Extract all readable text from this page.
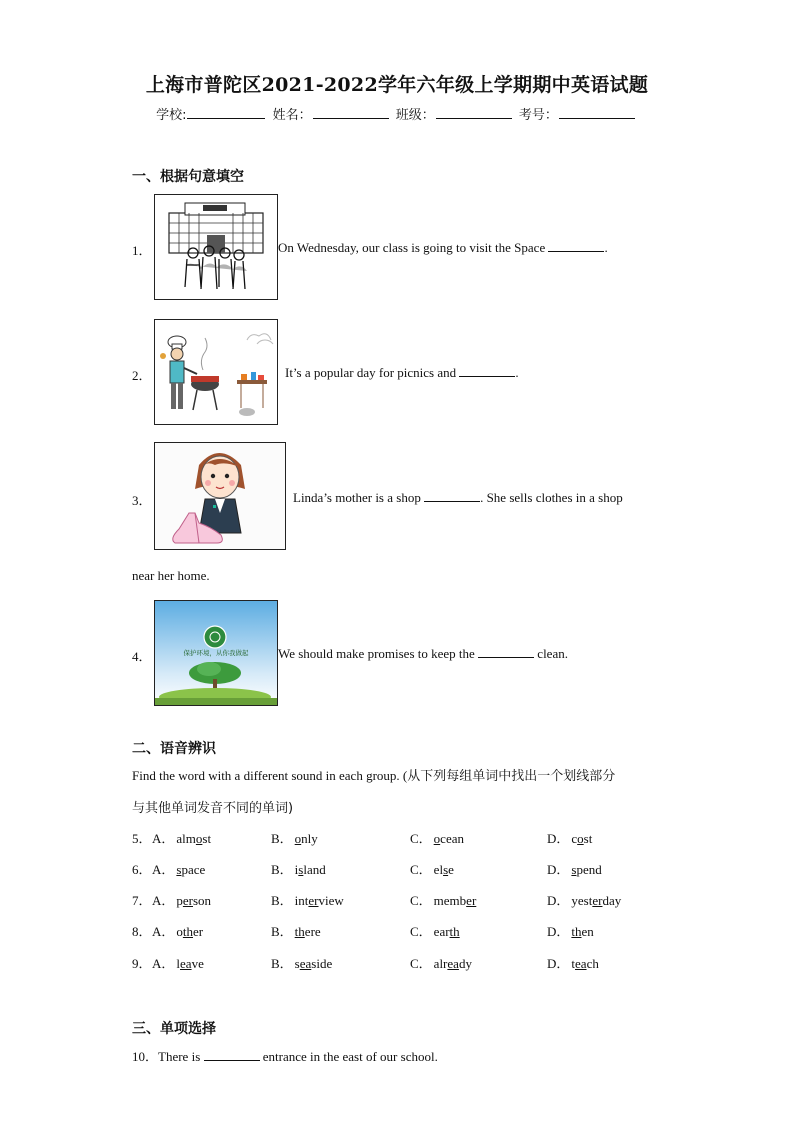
上海市普陀区2021-2022学年六年级上学期期中英语试题
学校:	姓名：	班级：	考号：
一、根据句意填空
1．	On Wednesday, our class is going to visit the Space	.
2．	It’s a popular day for picnics and	.
3．	Linda’s mother is a shop	. She sells clothes in a shop
near her home.
4．	保护环境，从你我做起 We should make promises to keep the	clean.
二、语音辨识
Find the word with a different sound in each group. (从下列每组单词中找出一个划线部分
与其他单词发音不同的单词)
5． A． almost	B． only	C． ocean	D． cost
6． A． space	B． island	C． else	D． spend
7． A． person	B． interview	C． member	D． yesterday
8． A． other	B． there	C． earth	D． then
9． A． leave	B． seaside	C． already	D． teach
三、单项选择
10．There is	entrance in the east of our school.
